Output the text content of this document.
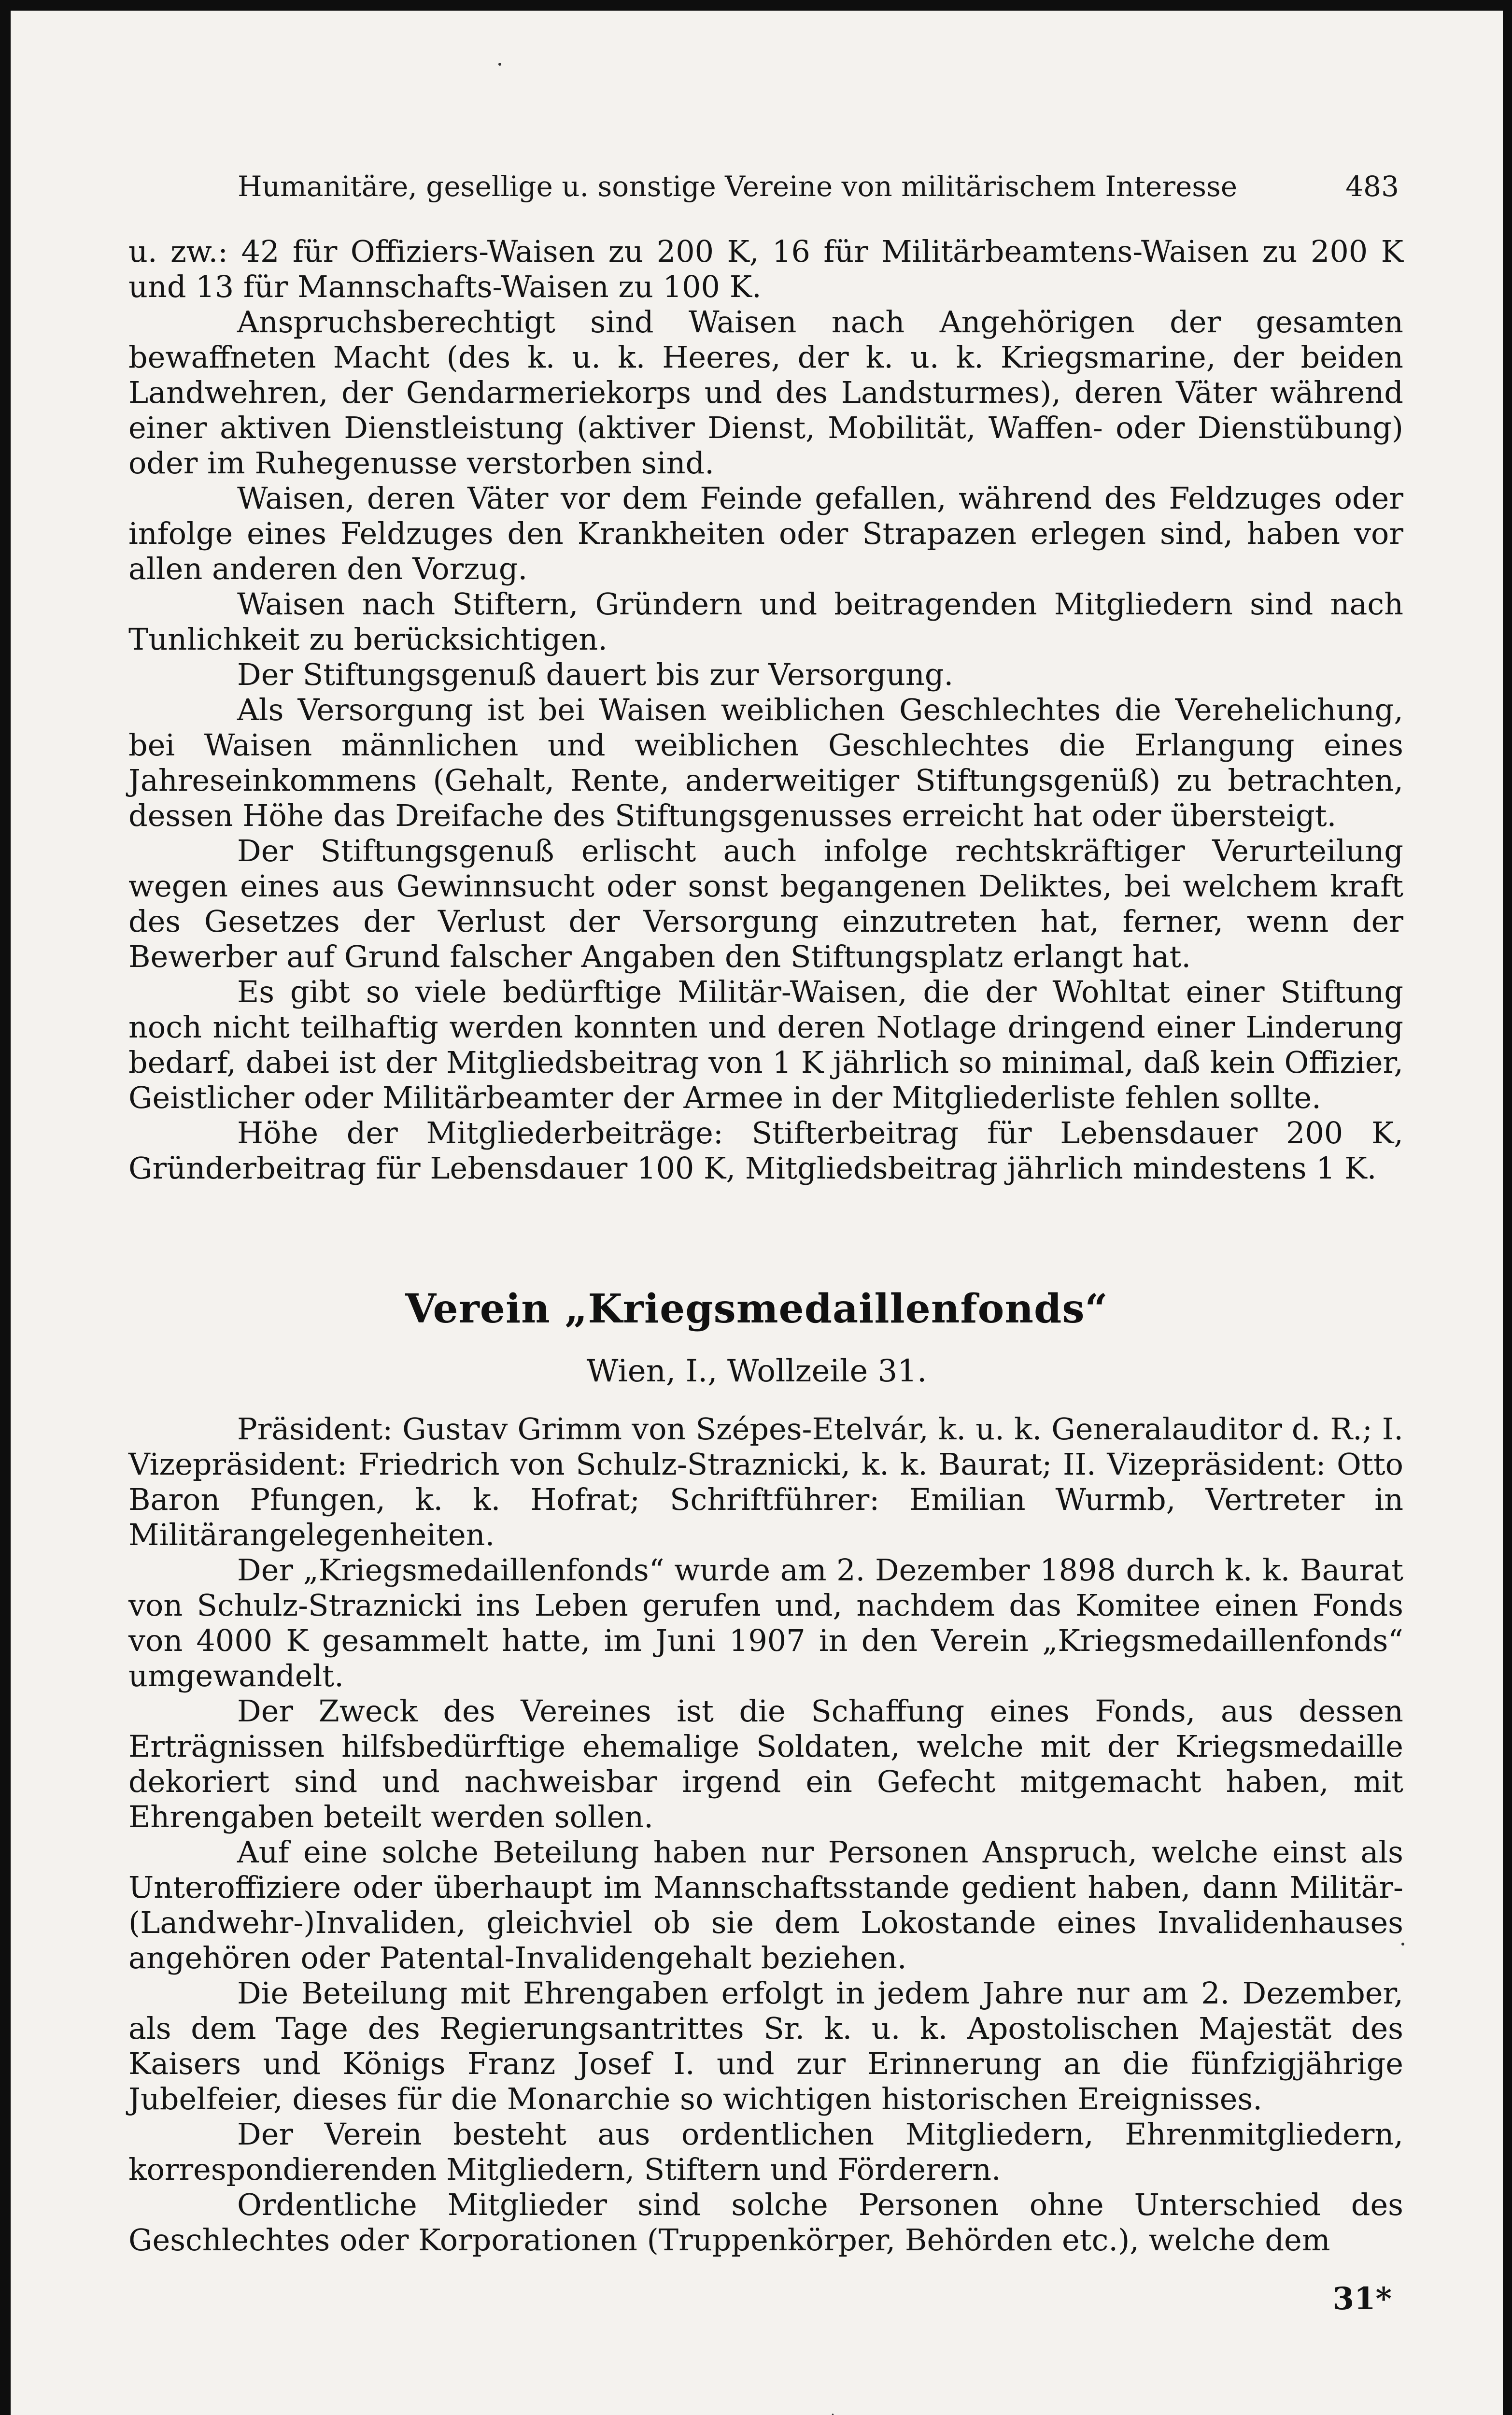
Humanitäre, gesellige u. sonstige Vereine von militärischem Interesse	483

u. zw.: 42 für Offiziers-Waisen zu 200 K, 16 für Militärbeamtens-Waisen zu 200 K und 13 für Mannschafts-Waisen zu 100 K.

Anspruchsberechtigt sind Waisen nach Angehörigen der gesamten bewaffneten Macht (des k. u. k. Heeres, der k. u. k. Kriegsmarine, der beiden Landwehren, der Gendarmeriekorps und des Landsturmes), deren Väter während einer aktiven Dienstleistung (aktiver Dienst, Mobilität, Waffen- oder Dienstübung) oder im Ruhegenusse verstorben sind.

Waisen, deren Väter vor dem Feinde gefallen, während des Feldzuges oder infolge eines Feldzuges den Krankheiten oder Strapazen erlegen sind, haben vor allen anderen den Vorzug.

Waisen nach Stiftern, Gründern und beitragenden Mitgliedern sind nach Tunlichkeit zu berücksichtigen.

Der Stiftungsgenuß dauert bis zur Versorgung.

Als Versorgung ist bei Waisen weiblichen Geschlechtes die Verehelichung, bei Waisen männlichen und weiblichen Geschlechtes die Erlangung eines Jahreseinkommens (Gehalt, Rente, anderweitiger Stiftungsgenüß) zu betrachten, dessen Höhe das Dreifache des Stiftungsgenusses erreicht hat oder übersteigt.

Der Stiftungsgenuß erlischt auch infolge rechtskräftiger Verurteilung wegen eines aus Gewinnsucht oder sonst begangenen Deliktes, bei welchem kraft des Gesetzes der Verlust der Versorgung einzutreten hat, ferner, wenn der Bewerber auf Grund falscher Angaben den Stiftungsplatz erlangt hat.

Es gibt so viele bedürftige Militär-Waisen, die der Wohltat einer Stiftung noch nicht teilhaftig werden konnten und deren Notlage dringend einer Linderung bedarf, dabei ist der Mitgliedsbeitrag von 1 K jährlich so minimal, daß kein Offizier, Geistlicher oder Militärbeamter der Armee in der Mitgliederliste fehlen sollte.

Höhe der Mitgliederbeiträge: Stifterbeitrag für Lebensdauer 200 K, Gründerbeitrag für Lebensdauer 100 K, Mitgliedsbeitrag jährlich mindestens 1 K.

Verein „Kriegsmedaillenfonds“
Wien, I., Wollzeile 31.

Präsident: Gustav Grimm von Szépes-Etelvár, k. u. k. Generalauditor d. R.; I. Vizepräsident: Friedrich von Schulz-Straznicki, k. k. Baurat; II. Vizepräsident: Otto Baron Pfungen, k. k. Hofrat; Schriftführer: Emilian Wurmb, Vertreter in Militärangelegenheiten.

Der „Kriegsmedaillenfonds“ wurde am 2. Dezember 1898 durch k. k. Baurat von Schulz-Straznicki ins Leben gerufen und, nachdem das Komitee einen Fonds von 4000 K gesammelt hatte, im Juni 1907 in den Verein „Kriegsmedaillenfonds“ umgewandelt.

Der Zweck des Vereines ist die Schaffung eines Fonds, aus dessen Erträgnissen hilfsbedürftige ehemalige Soldaten, welche mit der Kriegsmedaille dekoriert sind und nachweisbar irgend ein Gefecht mitgemacht haben, mit Ehrengaben beteilt werden sollen.

Auf eine solche Beteilung haben nur Personen Anspruch, welche einst als Unteroffiziere oder überhaupt im Mannschaftsstande gedient haben, dann Militär-(Landwehr-)Invaliden, gleichviel ob sie dem Lokostande eines Invalidenhauses angehören oder Patental-Invalidengehalt beziehen.

Die Beteilung mit Ehrengaben erfolgt in jedem Jahre nur am 2. Dezember, als dem Tage des Regierungsantrittes Sr. k. u. k. Apostolischen Majestät des Kaisers und Königs Franz Josef I. und zur Erinnerung an die fünfzigjährige Jubelfeier, dieses für die Monarchie so wichtigen historischen Ereignisses.

Der Verein besteht aus ordentlichen Mitgliedern, Ehrenmitgliedern, korrespondierenden Mitgliedern, Stiftern und Förderern.

Ordentliche Mitglieder sind solche Personen ohne Unterschied des Geschlechtes oder Korporationen (Truppenkörper, Behörden etc.), welche dem

31*
